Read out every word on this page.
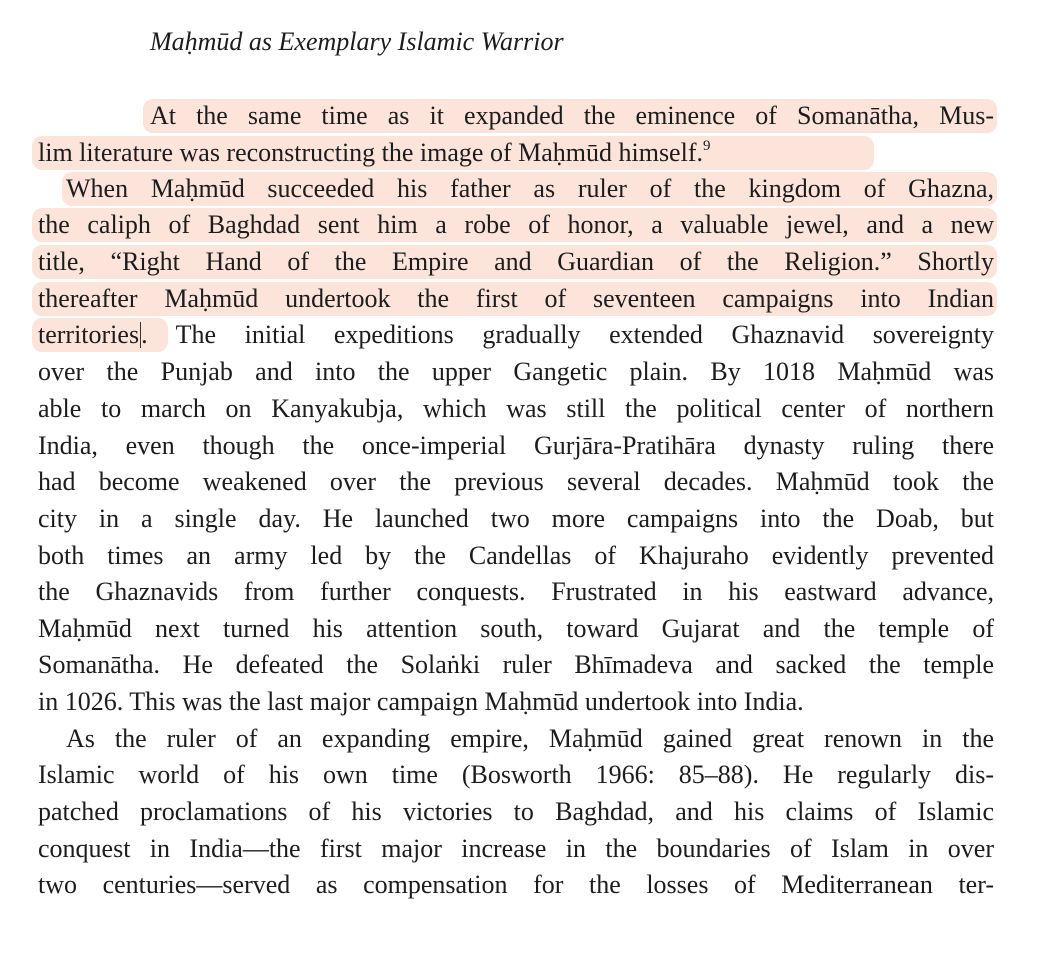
Maḥmūd as Exemplary Islamic Warrior
At the same time as it expanded the eminence of Somanātha, Mus-
lim literature was reconstructing the image of Maḥmūd himself.$^9$
When Maḥmūd succeeded his father as ruler of the kingdom of Ghazna,
the caliph of Baghdad sent him a robe of honor, a valuable jewel, and a new
title, “Right Hand of the Empire and Guardian of the Religion.” Shortly
thereafter Maḥmūd undertook the first of seventeen campaigns into Indian
territories. The initial expeditions gradually extended Ghaznavid sovereignty
over the Punjab and into the upper Gangetic plain. By 1018 Maḥmūd was
able to march on Kanyakubja, which was still the political center of northern
India, even though the once-imperial Gurjāra-Pratihāra dynasty ruling there
had become weakened over the previous several decades. Maḥmūd took the
city in a single day. He launched two more campaigns into the Doab, but
both times an army led by the Candellas of Khajuraho evidently prevented
the Ghaznavids from further conquests. Frustrated in his eastward advance,
Maḥmūd next turned his attention south, toward Gujarat and the temple of
Somanātha. He defeated the Solaṅki ruler Bhīmadeva and sacked the temple
in 1026. This was the last major campaign Maḥmūd undertook into India.
As the ruler of an expanding empire, Maḥmūd gained great renown in the
Islamic world of his own time (Bosworth 1966: 85–88). He regularly dis-
patched proclamations of his victories to Baghdad, and his claims of Islamic
conquest in India—the first major increase in the boundaries of Islam in over
two centuries—served as compensation for the losses of Mediterranean ter-
